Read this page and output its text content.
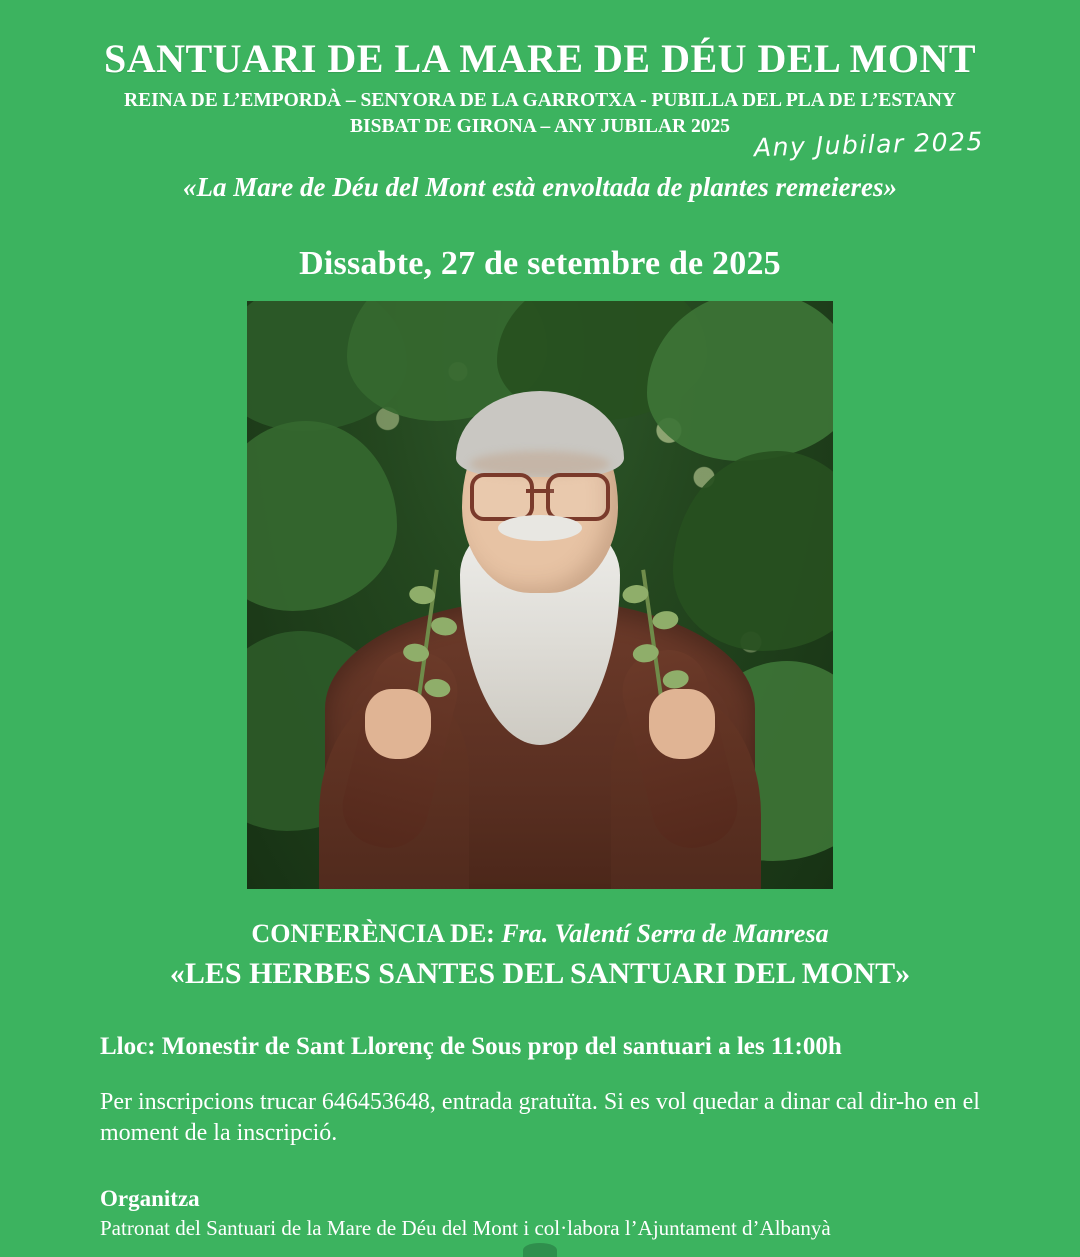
SANTUARI DE LA MARE DE DÉU DEL MONT
REINA DE L’EMPORDÀ – SENYORA DE LA GARROTXA - PUBILLA DEL PLA DE L’ESTANY
BISBAT DE GIRONA – ANY JUBILAR 2025 Any Jubilar 2025
«La Mare de Déu del Mont està envoltada de plantes remeieres»
Dissabte, 27 de setembre de 2025
CONFERÈNCIA DE: Fra. Valentí Serra de Manresa
«LES HERBES SANTES DEL SANTUARI DEL MONT»
Lloc: Monestir de Sant Llorenç de Sous prop del santuari a les 11:00h
Per inscripcions trucar 646453648, entrada gratuïta. Si es vol quedar a dinar cal dir-ho en el moment de la inscripció.
Organitza
Patronat del Santuari de la Mare de Déu del Mont i col·labora l’Ajuntament d’Albanyà
